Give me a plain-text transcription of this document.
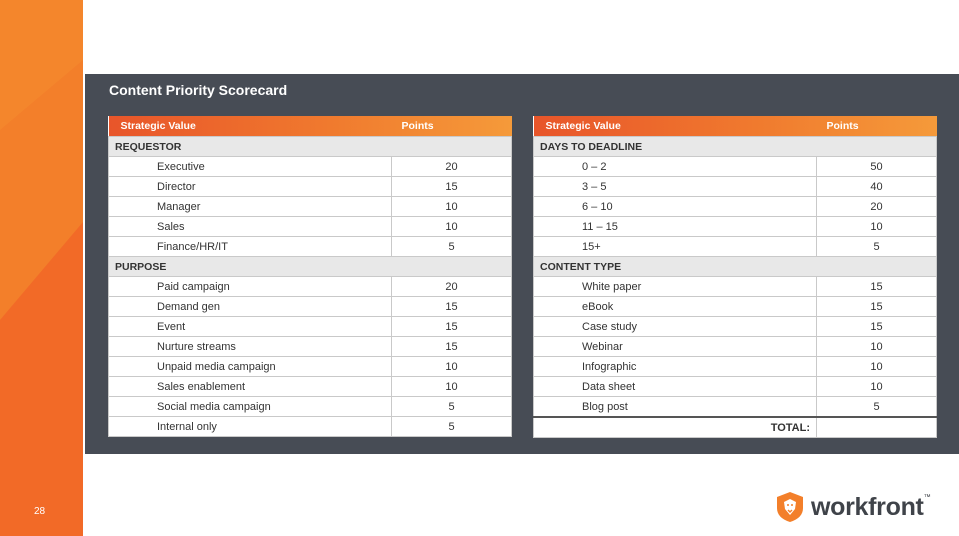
28
Content Priority Scorecard
Strategic Value	Points
REQUESTOR	
Executive	20
Director	15
Manager	10
Sales	10
Finance/HR/IT	5
PURPOSE	
Paid campaign	20
Demand gen	15
Event	15
Nurture streams	15
Unpaid media campaign	10
Sales enablement	10
Social media campaign	5
Internal only	5
Strategic Value	Points
DAYS TO DEADLINE	
0 – 2	50
3 – 5	40
6 – 10	20
11 – 15	10
15+	5
CONTENT TYPE	
White paper	15
eBook	15
Case study	15
Webinar	10
Infographic	10
Data sheet	10
Blog post	5
TOTAL:	
workfront ™
